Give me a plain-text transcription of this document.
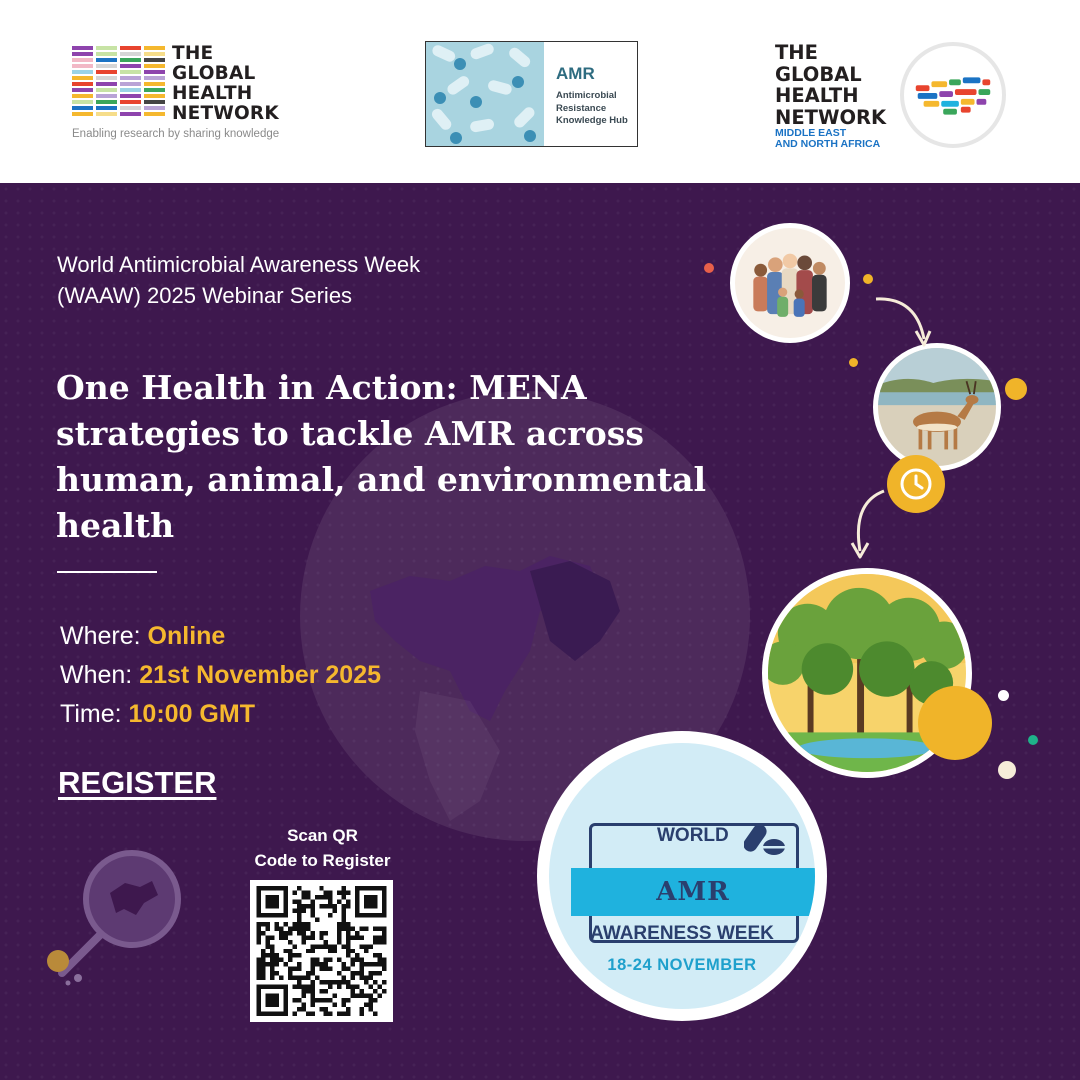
THE
GLOBAL
HEALTH
NETWORK
Enabling research by sharing knowledge
AMR
Antimicrobial
Resistance
Knowledge Hub
THE
GLOBAL
HEALTH
NETWORK
MIDDLE EAST
AND NORTH AFRICA
World Antimicrobial Awareness Week
(WAAW) 2025 Webinar Series
One Health in Action: MENA strategies to tackle AMR across human, animal, and environmental health
Where: Online
When: 21st November 2025
Time: 10:00 GMT
REGISTER
Scan QR
Code to Register
WORLD
AMR
AWARENESS WEEK
18-24 NOVEMBER
